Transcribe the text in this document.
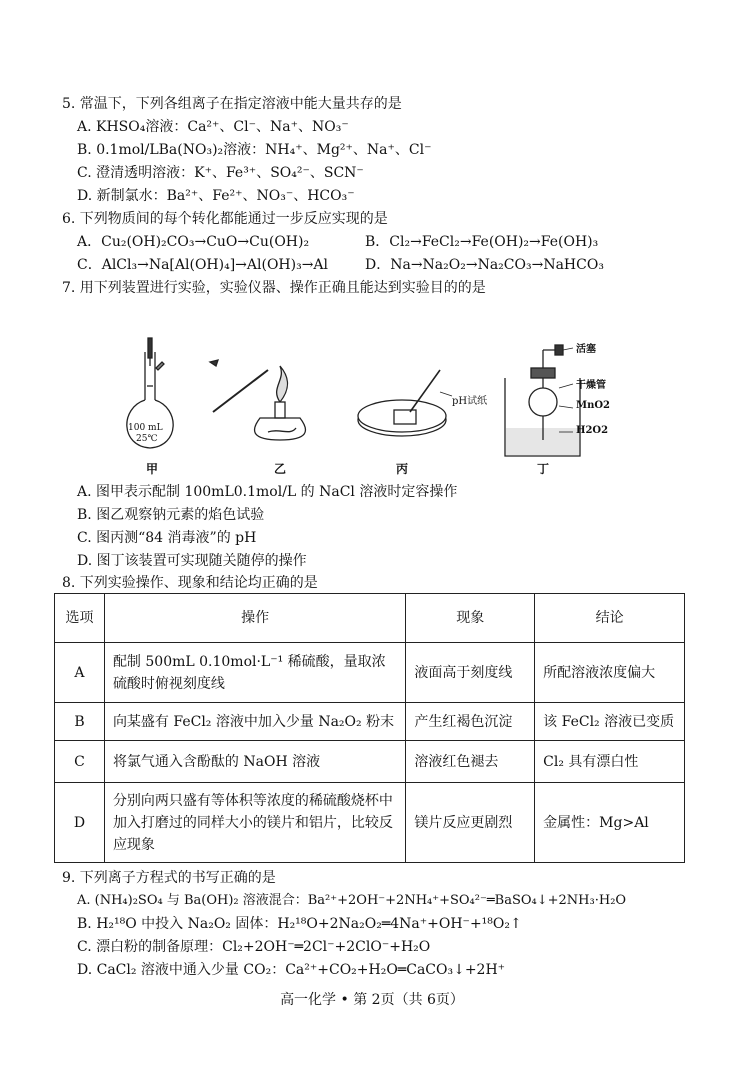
5. 常温下，下列各组离子在指定溶液中能大量共存的是
A. KHSO₄溶液：Ca²⁺、Cl⁻、Na⁺、NO₃⁻
B. 0.1mol/LBa(NO₃)₂溶液：NH₄⁺、Mg²⁺、Na⁺、Cl⁻
C. 澄清透明溶液：K⁺、Fe³⁺、SO₄²⁻、SCN⁻
D. 新制氯水：Ba²⁺、Fe²⁺、NO₃⁻、HCO₃⁻
6. 下列物质间的每个转化都能通过一步反应实现的是
A．Cu₂(OH)₂CO₃→CuO→Cu(OH)₂	B．Cl₂→FeCl₂→Fe(OH)₂→Fe(OH)₃
C．AlCl₃→Na[Al(OH)₄]→Al(OH)₃→Al	D．Na→Na₂O₂→Na₂CO₃→NaHCO₃
7. 用下列装置进行实验，实验仪器、操作正确且能达到实验目的的是
100 mL
25℃
pH试纸
活塞
干燥管
MnO2
H2O2
甲	乙	丙	丁
A. 图甲表示配制 100mL0.1mol/L 的 NaCl 溶液时定容操作
B. 图乙观察钠元素的焰色试验
C. 图丙测“84 消毒液”的 pH
D. 图丁该装置可实现随关随停的操作
8. 下列实验操作、现象和结论均正确的是
选项	操作	现象	结论
A	配制 500mL 0.10mol·L⁻¹ 稀硫酸，量取浓硫酸时俯视刻度线	液面高于刻度线	所配溶液浓度偏大
B	向某盛有 FeCl₂ 溶液中加入少量 Na₂O₂ 粉末	产生红褐色沉淀	该 FeCl₂ 溶液已变质
C	将氯气通入含酚酞的 NaOH 溶液	溶液红色褪去	Cl₂ 具有漂白性
D	分别向两只盛有等体积等浓度的稀硫酸烧杯中加入打磨过的同样大小的镁片和铝片，比较反应现象	镁片反应更剧烈	金属性：Mg>Al
9. 下列离子方程式的书写正确的是
A. (NH₄)₂SO₄ 与 Ba(OH)₂ 溶液混合：Ba²⁺+2OH⁻+2NH₄⁺+SO₄²⁻═BaSO₄↓+2NH₃·H₂O
B. H₂¹⁸O 中投入 Na₂O₂ 固体：H₂¹⁸O+2Na₂O₂═4Na⁺+OH⁻+¹⁸O₂↑
C. 漂白粉的制备原理：Cl₂+2OH⁻═2Cl⁻+2ClO⁻+H₂O
D. CaCl₂ 溶液中通入少量 CO₂：Ca²⁺+CO₂+H₂O═CaCO₃↓+2H⁺
高一化学 • 第 2页（共 6页）
